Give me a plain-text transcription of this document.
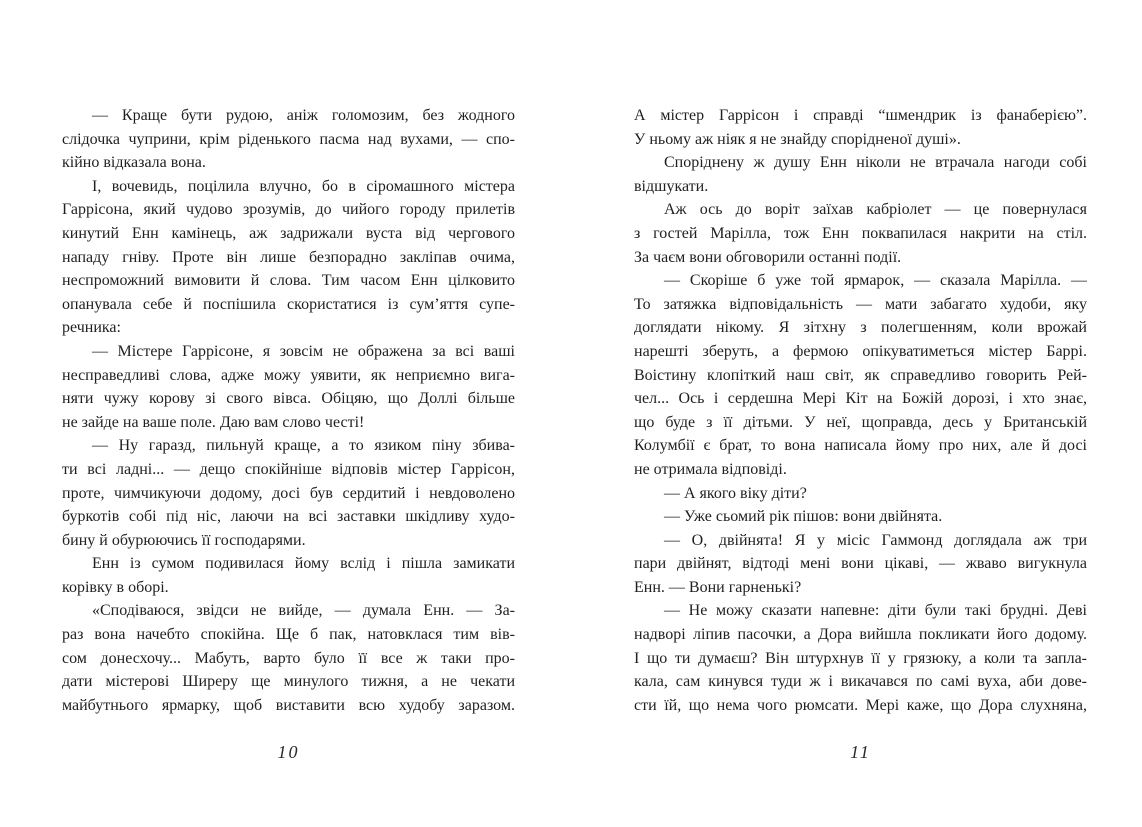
— Краще бути рудою, аніж голомозим, без жодного
слідочка чуприни, крім ріденького пасма над вухами, — спо-
кійно відказала вона.
І, вочевидь, поцілила влучно, бо в сіромашного містера
Гаррісона, який чудово зрозумів, до чийого городу прилетів
кинутий Енн камінець, аж задрижали вуста від чергового
нападу гніву. Проте він лише безпорадно закліпав очима,
неспроможний вимовити й слова. Тим часом Енн цілковито
опанувала себе й поспішила скористатися із сум’яття супе-
речника:
— Містере Гаррісоне, я зовсім не ображена за всі ваші
несправедливі слова, адже можу уявити, як неприємно вига-
няти чужу корову зі свого вівса. Обіцяю, що Доллі більше
не зайде на ваше поле. Даю вам слово честі!
— Ну гаразд, пильнуй краще, а то язиком піну збива-
ти всі ладні... — дещо спокійніше відповів містер Гаррісон,
проте, чимчикуючи додому, досі був сердитий і невдоволено
буркотів собі під ніс, лаючи на всі заставки шкідливу худо-
бину й обурюючись її господарями.
Енн із сумом подивилася йому вслід і пішла замикати
корівку в оборі.
«Сподіваюся, звідси не вийде, — думала Енн. — За-
раз вона начебто спокійна. Ще б пак, натовклася тим вів-
сом донесхочу... Мабуть, варто було її все ж таки про-
дати містерові Ширеру ще минулого тижня, а не чекати
майбутнього ярмарку, щоб виставити всю худобу заразом.
А містер Гаррісон і справді “шмендрик із фанаберією”.
У ньому аж ніяк я не знайду спорідненої душі».
Споріднену ж душу Енн ніколи не втрачала нагоди собі
відшукати.
Аж ось до воріт заїхав кабріолет — це повернулася
з гостей Марілла, тож Енн поквапилася накрити на стіл.
За чаєм вони обговорили останні події.
— Скоріше б уже той ярмарок, — сказала Марілла. —
То затяжка відповідальність — мати забагато худоби, яку
доглядати нікому. Я зітхну з полегшенням, коли врожай
нарешті зберуть, а фермою опікуватиметься містер Баррі.
Воістину клопіткий наш світ, як справедливо говорить Рей-
чел... Ось і сердешна Мері Кіт на Божій дорозі, і хто знає,
що буде з її дітьми. У неї, щоправда, десь у Британській
Колумбії є брат, то вона написала йому про них, але й досі
не отримала відповіді.
— А якого віку діти?
— Уже сьомий рік пішов: вони двійнята.
— О, двійнята! Я у місіс Гаммонд доглядала аж три
пари двійнят, відтоді мені вони цікаві, — жваво вигукнула
Енн. — Вони гарненькі?
— Не можу сказати напевне: діти були такі брудні. Деві
надворі ліпив пасочки, а Дора вийшла покликати його додому.
І що ти думаєш? Він штурхнув її у грязюку, а коли та запла-
кала, сам кинувся туди ж і викачався по самі вуха, аби дове-
сти їй, що нема чого рюмсати. Мері каже, що Дора слухняна,
10	11
